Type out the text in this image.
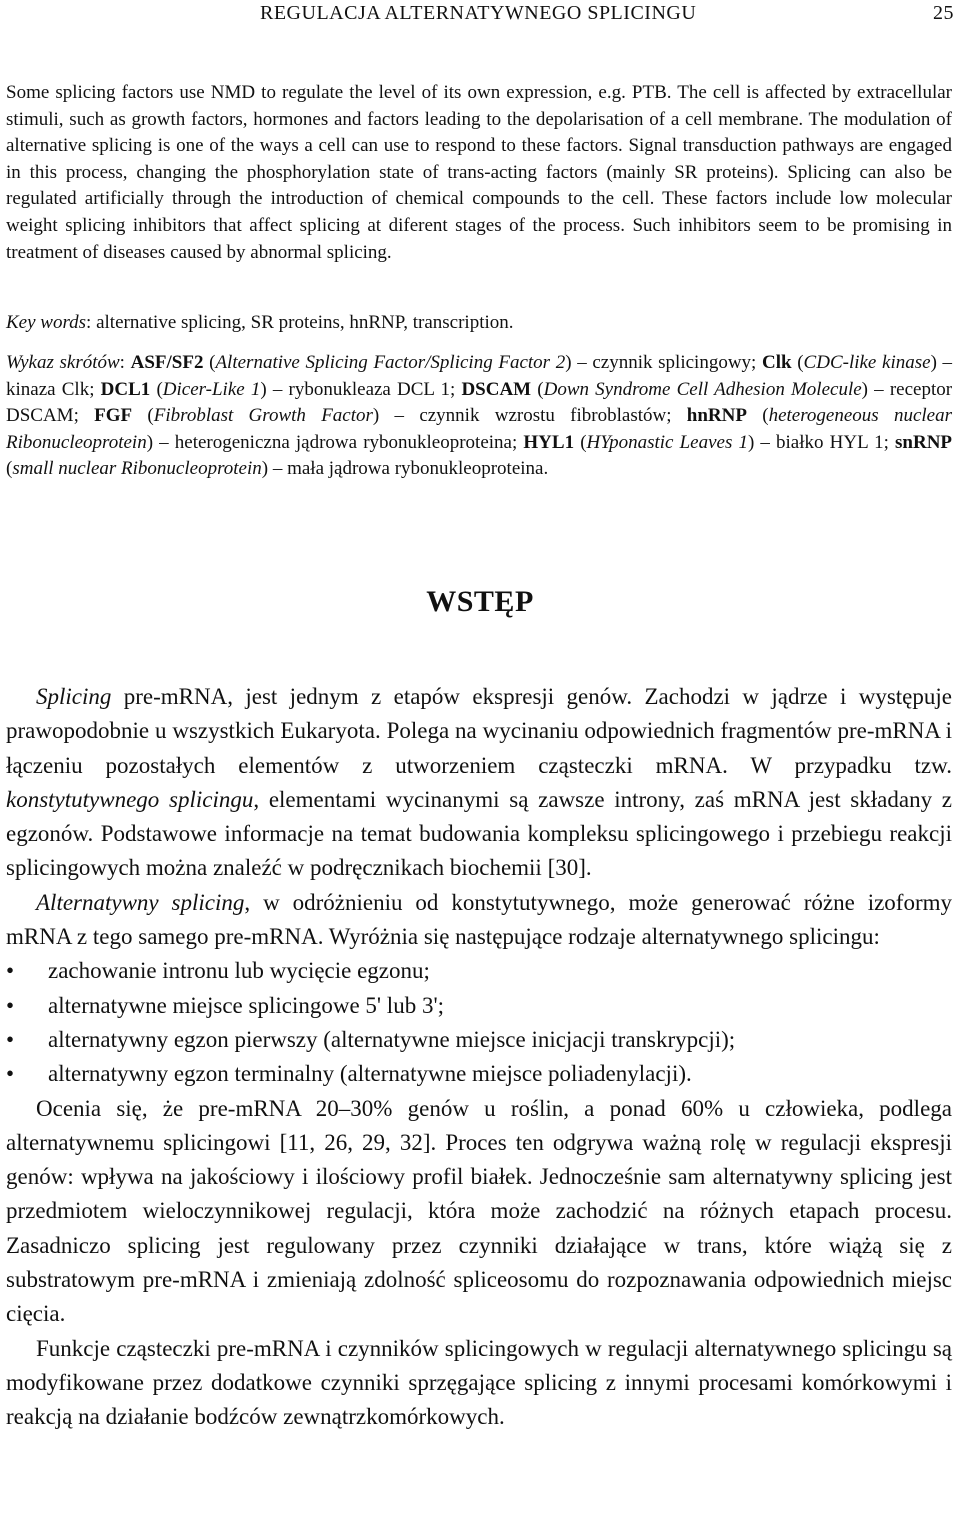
REGULACJA ALTERNATYWNEGO SPLICINGU	25

Some splicing factors use NMD to regulate the level of its own expression, e.g. PTB. The cell is affected by extracellular stimuli, such as growth factors, hormones and factors leading to the depolarisation of a cell membrane. The modulation of alternative splicing is one of the ways a cell can use to respond to these factors. Signal transduction pathways are engaged in this process, changing the phosphorylation state of trans-acting factors (mainly SR proteins). Splicing can also be regulated artificially through the introduction of chemical compounds to the cell. These factors include low molecular weight splicing inhibitors that affect splicing at diferent stages of the process. Such inhibitors seem to be promising in treatment of diseases caused by abnormal splicing.

Key words: alternative splicing, SR proteins, hnRNP, transcription.

Wykaz skrótów: ASF/SF2 (Alternative Splicing Factor/Splicing Factor 2) – czynnik splicingowy; Clk (CDC-like kinase) – kinaza Clk; DCL1 (Dicer-Like 1) – rybonukleaza DCL 1; DSCAM (Down Syndrome Cell Adhesion Molecule) – receptor DSCAM; FGF (Fibroblast Growth Factor) – czynnik wzrostu fibroblastów; hnRNP (heterogeneous nuclear Ribonucleoprotein) – heterogeniczna jądrowa rybonukleoproteina; HYL1 (HYponastic Leaves 1) – białko HYL 1; snRNP (small nuclear Ribonucleoprotein) – mała jądrowa rybonukleoproteina.

WSTĘP

Splicing pre-mRNA, jest jednym z etapów ekspresji genów. Zachodzi w jądrze i występuje prawopodobnie u wszystkich Eukaryota. Polega na wycinaniu odpowiednich fragmentów pre-mRNA i łączeniu pozostałych elementów z utworzeniem cząsteczki mRNA. W przypadku tzw. konstytutywnego splicingu, elementami wycinanymi są zawsze introny, zaś mRNA jest składany z egzonów. Podstawowe informacje na temat budowania kompleksu splicingowego i przebiegu reakcji splicingowych można znaleźć w podręcznikach biochemii [30].

Alternatywny splicing, w odróżnieniu od konstytutywnego, może generować różne izoformy mRNA z tego samego pre-mRNA. Wyróżnia się następujące rodzaje alternatywnego splicingu:

• zachowanie intronu lub wycięcie egzonu;
• alternatywne miejsce splicingowe 5' lub 3';
• alternatywny egzon pierwszy (alternatywne miejsce inicjacji transkrypcji);
• alternatywny egzon terminalny (alternatywne miejsce poliadenylacji).

Ocenia się, że pre-mRNA 20–30% genów u roślin, a ponad 60% u człowieka, podlega alternatywnemu splicingowi [11, 26, 29, 32]. Proces ten odgrywa ważną rolę w regulacji ekspresji genów: wpływa na jakościowy i ilościowy profil białek. Jednocześnie sam alternatywny splicing jest przedmiotem wieloczynnikowej regulacji, która może zachodzić na różnych etapach procesu. Zasadniczo splicing jest regulowany przez czynniki działające w trans, które wiążą się z substratowym pre-mRNA i zmieniają zdolność spliceosomu do rozpoznawania odpowiednich miejsc cięcia.

Funkcje cząsteczki pre-mRNA i czynników splicingowych w regulacji alternatywnego splicingu są modyfikowane przez dodatkowe czynniki sprzęgające splicing z innymi procesami komórkowymi i reakcją na działanie bodźców zewnątrzkomórkowych.
